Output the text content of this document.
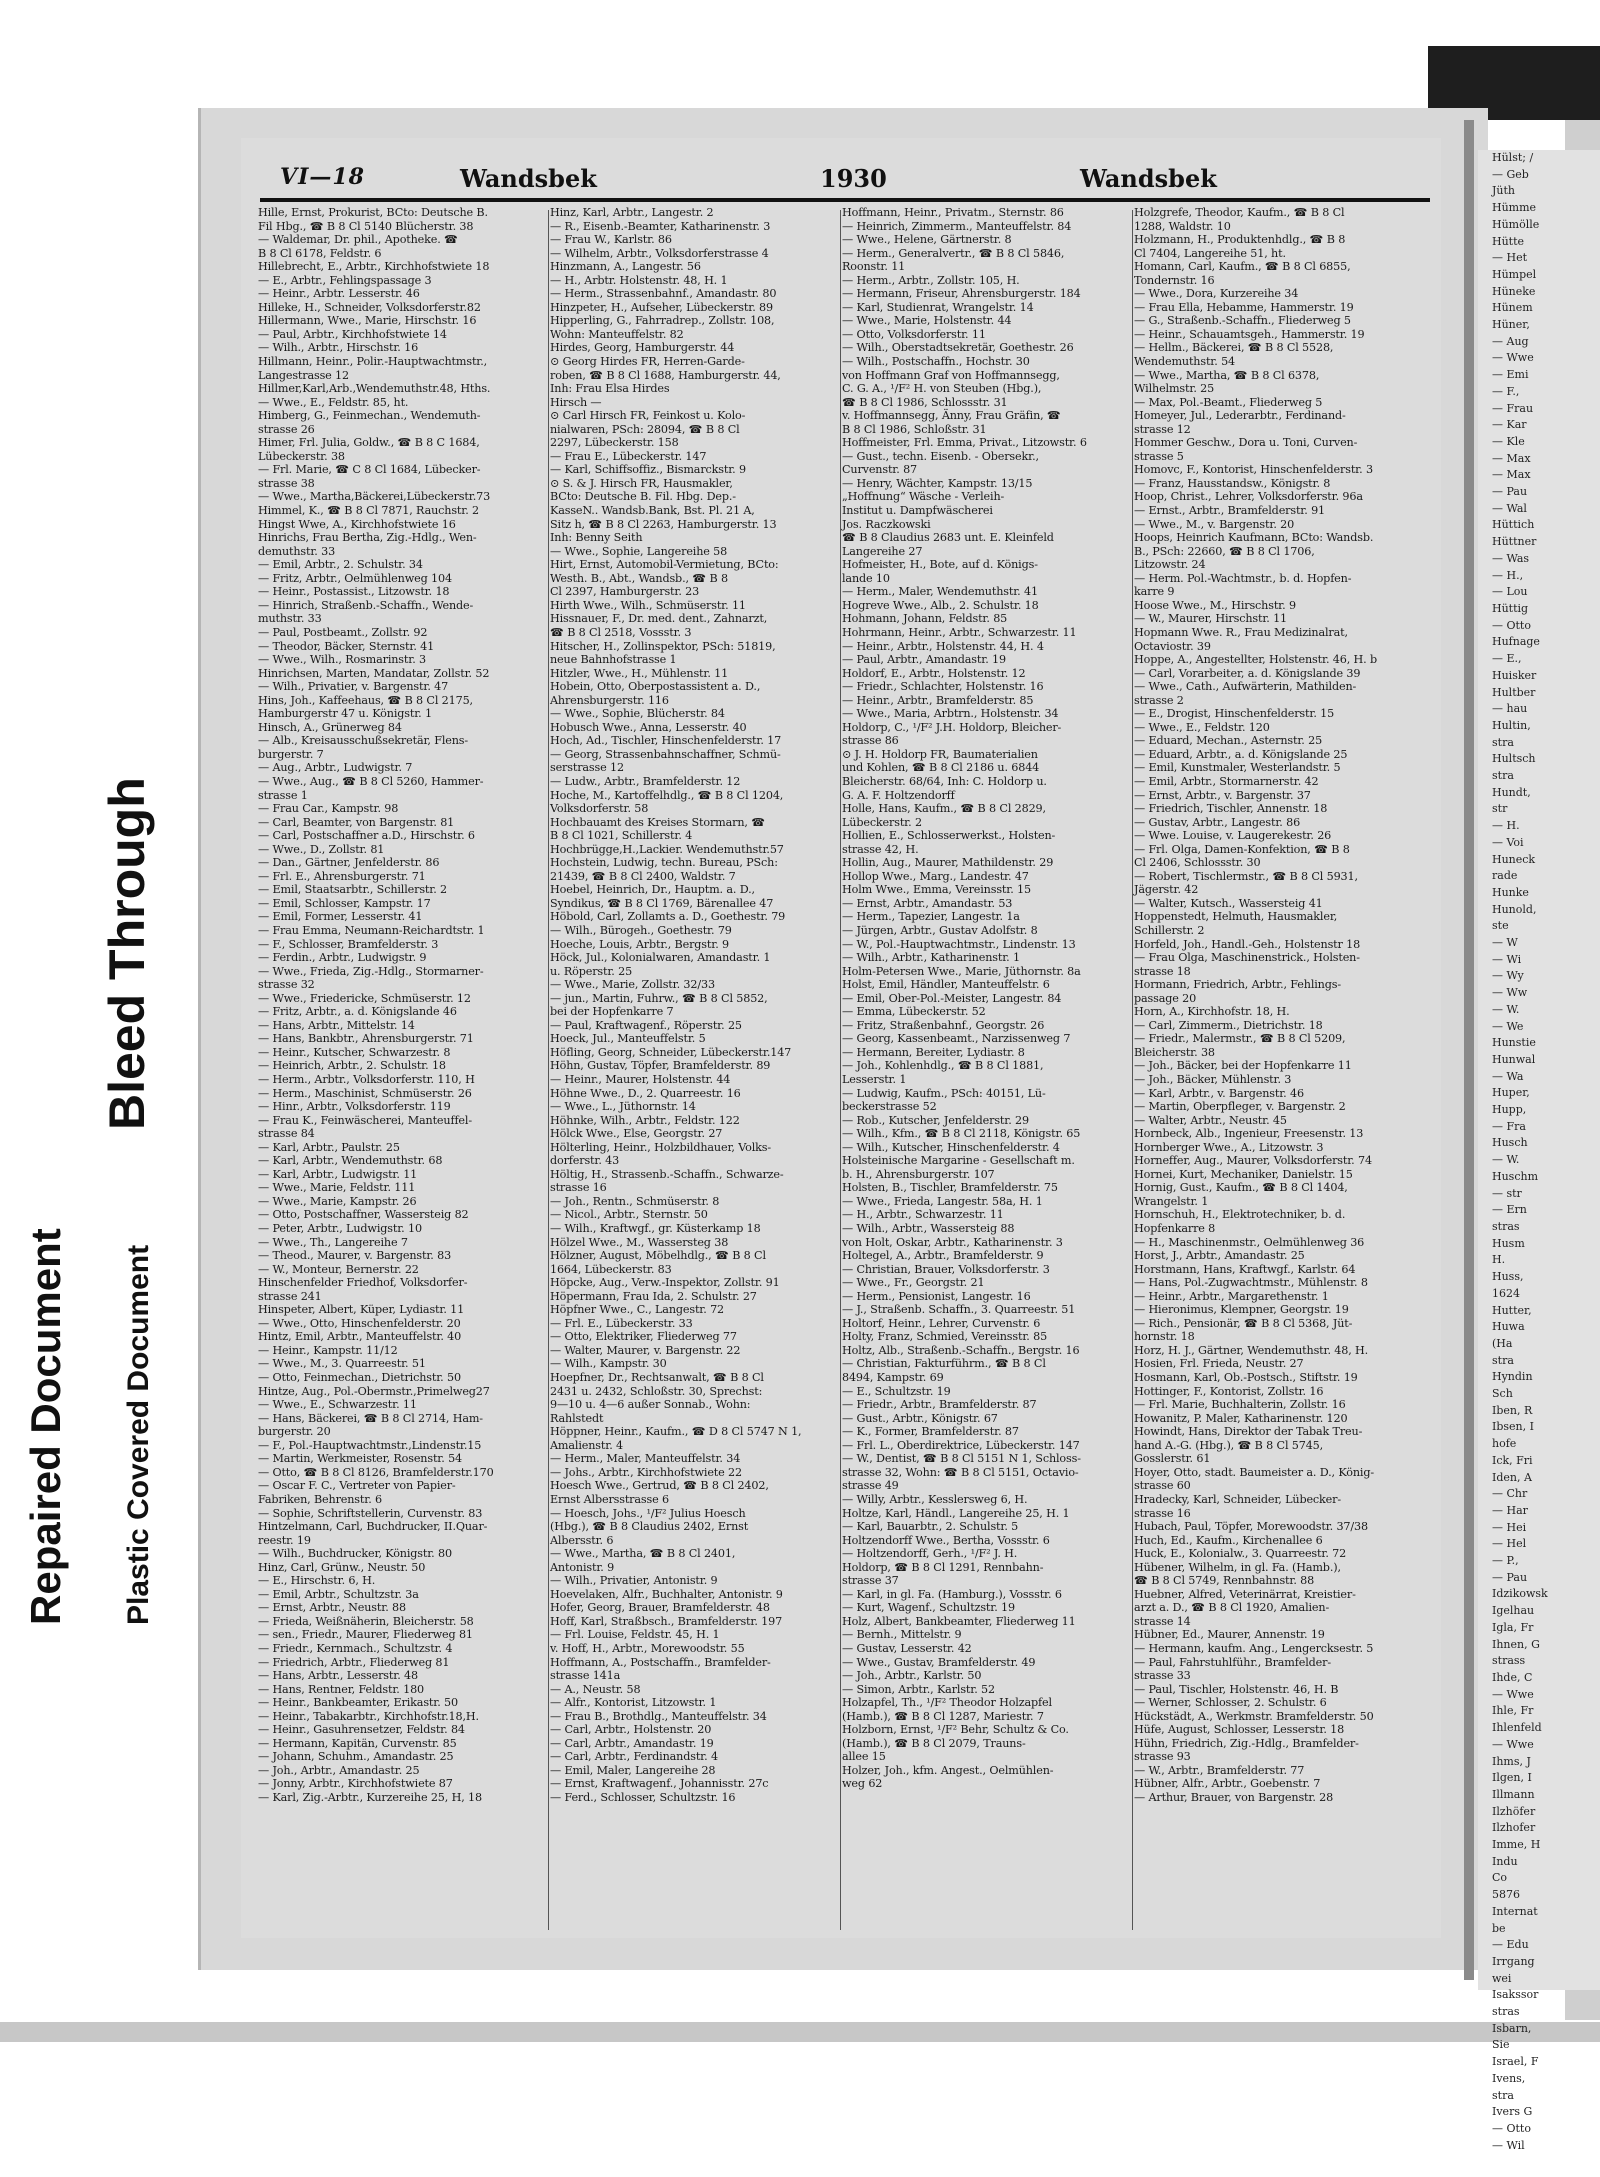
Hülst; /
— Geb
Jüth
Hümme
Hümölle
Hütte
— Het
Hümpel
Hüneke
Hünem
Hüner,
— Aug
— Wwe
— Emi
— F.,
— Frau
— Kar
— Kle
— Max
— Max
— Pau
— Wal
Hüttich
Hüttner
— Was
— H.,
— Lou
Hüttig
— Otto
Hufnage
— E.,
Huisker
Hultber
— hau
Hultin,
stra
Hultsch
stra
Hundt,
str
— H.
— Voi
Huneck
rade
Hunke
Hunold,
ste
— W
— Wi
— Wy
— Ww
— W.
— We
Hunstie
Hunwal
— Wa
Huper,
Hupp,
— Fra
Husch
— W.
Huschm
— str
— Ern
stras
Husm
H.
Huss,
1624
Hutter,
Huwa
(Ha
stra
Hyndin
Sch
Iben, R
Ibsen, I
hofe
Ick, Fri
Iden, A
— Chr
— Har
— Hei
— Hel
— P.,
— Pau
Idzikowsk
Igelhau
Igla, Fr
Ihnen, G
strass
Ihde, C
— Wwe
Ihle, Fr
Ihlenfeld
— Wwe
Ihms, J
Ilgen, I
Illmann
Ilzhöfer
Ilzhofer
Imme, H
Indu
Co
5876
Internat
be
— Edu
Irrgang
wei
Isakssor
stras
Isbarn,
Sie
Israel, F
Ivens,
stra
Ivers G
— Otto
— Wil
VI—18	Wandsbek	1930	Wandsbek
Hille, Ernst, Prokurist, BCto: Deutsche B.
Fil Hbg., ☎ B 8 Cl 5140 Blücherstr. 38
— Waldemar, Dr. phil., Apotheke. ☎
B 8 Cl 6178, Feldstr. 6
Hillebrecht, E., Arbtr., Kirchhofstwiete 18
— E., Arbtr., Fehlingspassage 3
— Heinr., Arbtr. Lesserstr. 46
Hilleke, H., Schneider, Volksdorferstr.82
Hillermann, Wwe., Marie, Hirschstr. 16
— Paul, Arbtr., Kirchhofstwiete 14
— Wilh., Arbtr., Hirschstr. 16
Hillmann, Heinr., Polir.-Hauptwachtmstr.,
Langestrasse 12
Hillmer,Karl,Arb.,Wendemuthstr.48, Hths.
— Wwe., E., Feldstr. 85, ht.
Himberg, G., Feinmechan., Wendemuth-
strasse 26
Himer, Frl. Julia, Goldw., ☎ B 8 C 1684,
Lübeckerstr. 38
— Frl. Marie, ☎ C 8 Cl 1684, Lübecker-
strasse 38
— Wwe., Martha,Bäckerei,Lübeckerstr.73
Himmel, K., ☎ B 8 Cl 7871, Rauchstr. 2
Hingst Wwe, A., Kirchhofstwiete 16
Hinrichs, Frau Bertha, Zig.-Hdlg., Wen-
demuthstr. 33
— Emil, Arbtr., 2. Schulstr. 34
— Fritz, Arbtr., Oelmühlenweg 104
— Heinr., Postassist., Litzowstr. 18
— Hinrich, Straßenb.-Schaffn., Wende-
muthstr. 33
— Paul, Postbeamt., Zollstr. 92
— Theodor, Bäcker, Sternstr. 41
— Wwe., Wilh., Rosmarinstr. 3
Hinrichsen, Marten, Mandatar, Zollstr. 52
— Wilh., Privatier, v. Bargenstr. 47
Hins, Joh., Kaffeehaus, ☎ B 8 Cl 2175,
Hamburgerstr 47 u. Königstr. 1
Hinsch, A., Grünerweg 84
— Alb., Kreisausschußsekretär, Flens-
burgerstr. 7
— Aug., Arbtr., Ludwigstr. 7
— Wwe., Aug., ☎ B 8 Cl 5260, Hammer-
strasse 1
— Frau Car., Kampstr. 98
— Carl, Beamter, von Bargenstr. 81
— Carl, Postschaffner a.D., Hirschstr. 6
— Wwe., D., Zollstr. 81
— Dan., Gärtner, Jenfelderstr. 86
— Frl. E., Ahrensburgerstr. 71
— Emil, Staatsarbtr., Schillerstr. 2
— Emil, Schlosser, Kampstr. 17
— Emil, Former, Lesserstr. 41
— Frau Emma, Neumann-Reichardtstr. 1
— F., Schlosser, Bramfelderstr. 3
— Ferdin., Arbtr., Ludwigstr. 9
— Wwe., Frieda, Zig.-Hdlg., Stormarner-
strasse 32
— Wwe., Friedericke, Schmüserstr. 12
— Fritz, Arbtr., a. d. Königslande 46
— Hans, Arbtr., Mittelstr. 14
— Hans, Bankbtr., Ahrensburgerstr. 71
— Heinr., Kutscher, Schwarzestr. 8
— Heinrich, Arbtr., 2. Schulstr. 18
— Herm., Arbtr., Volksdorferstr. 110, H
— Herm., Maschinist, Schmüserstr. 26
— Hinr., Arbtr., Volksdorferstr. 119
— Frau K., Feinwäscherei, Manteuffel-
strasse 84
— Karl, Arbtr., Paulstr. 25
— Karl, Arbtr., Wendemuthstr. 68
— Karl, Arbtr., Ludwigstr. 11
— Wwe., Marie, Feldstr. 111
— Wwe., Marie, Kampstr. 26
— Otto, Postschaffner, Wassersteig 82
— Peter, Arbtr., Ludwigstr. 10
— Wwe., Th., Langereihe 7
— Theod., Maurer, v. Bargenstr. 83
— W., Monteur, Bernerstr. 22
Hinschenfelder Friedhof, Volksdorfer-
strasse 241
Hinspeter, Albert, Küper, Lydiastr. 11
— Wwe., Otto, Hinschenfelderstr. 20
Hintz, Emil, Arbtr., Manteuffelstr. 40
— Heinr., Kampstr. 11/12
— Wwe., M., 3. Quarreestr. 51
— Otto, Feinmechan., Dietrichstr. 50
Hintze, Aug., Pol.-Obermstr.,Primelweg27
— Wwe., E., Schwarzestr. 11
— Hans, Bäckerei, ☎ B 8 Cl 2714, Ham-
burgerstr. 20
— F., Pol.-Hauptwachtmstr.,Lindenstr.15
— Martin, Werkmeister, Rosenstr. 54
— Otto, ☎ B 8 Cl 8126, Bramfelderstr.170
— Oscar F. C., Vertreter von Papier-
Fabriken, Behrenstr. 6
— Sophie, Schriftstellerin, Curvenstr. 83
Hintzelmann, Carl, Buchdrucker, II.Quar-
reestr. 19
— Wilh., Buchdrucker, Königstr. 80
Hinz, Carl, Grünw., Neustr. 50
— E., Hirschstr. 6, H.
— Emil, Arbtr., Schultzstr. 3a
— Ernst, Arbtr., Neustr. 88
— Frieda, Weißnäherin, Bleicherstr. 58
— sen., Friedr., Maurer, Fliederweg 81
— Friedr., Kernmach., Schultzstr. 4
— Friedrich, Arbtr., Fliederweg 81
— Hans, Arbtr., Lesserstr. 48
— Hans, Rentner, Feldstr. 180
— Heinr., Bankbeamter, Erikastr. 50
— Heinr., Tabakarbtr., Kirchhofstr.18,H.
— Heinr., Gasuhrensetzer, Feldstr. 84
— Hermann, Kapitän, Curvenstr. 85
— Johann, Schuhm., Amandastr. 25
— Joh., Arbtr., Amandastr. 25
— Jonny, Arbtr., Kirchhofstwiete 87
— Karl, Zig.-Arbtr., Kurzereihe 25, H, 18
Hinz, Karl, Arbtr., Langestr. 2
— R., Eisenb.-Beamter, Katharinenstr. 3
— Frau W., Karlstr. 86
— Wilhelm, Arbtr., Volksdorferstrasse 4
Hinzmann, A., Langestr. 56
— H., Arbtr. Holstenstr. 48, H. 1
— Herm., Strassenbahnf., Amandastr. 80
Hinzpeter, H., Aufseher, Lübeckerstr. 89
Hipperling, G., Fahrradrep., Zollstr. 108,
Wohn: Manteuffelstr. 82
Hirdes, Georg, Hamburgerstr. 44
⊙ Georg Hirdes FR, Herren-Garde-
roben, ☎ B 8 Cl 1688, Hamburgerstr. 44,
Inh: Frau Elsa Hirdes
Hirsch —
⊙ Carl Hirsch FR, Feinkost u. Kolo-
nialwaren, PSch: 28094, ☎ B 8 Cl
2297, Lübeckerstr. 158
— Frau E., Lübeckerstr. 147
— Karl, Schiffsoffiz., Bismarckstr. 9
⊙ S. & J. Hirsch FR, Hausmakler,
BCto: Deutsche B. Fil. Hbg. Dep.-
KasseN.. Wandsb.Bank, Bst. Pl. 21 A,
Sitz h, ☎ B 8 Cl 2263, Hamburgerstr. 13
Inh: Benny Seith
— Wwe., Sophie, Langereihe 58
Hirt, Ernst, Automobil-Vermietung, BCto:
Westh. B., Abt., Wandsb., ☎ B 8
Cl 2397, Hamburgerstr. 23
Hirth Wwe., Wilh., Schmüserstr. 11
Hissnauer, F., Dr. med. dent., Zahnarzt,
☎ B 8 Cl 2518, Vossstr. 3
Hitscher, H., Zollinspektor, PSch: 51819,
neue Bahnhofstrasse 1
Hitzler, Wwe., H., Mühlenstr. 11
Hobein, Otto, Oberpostassistent a. D.,
Ahrensburgerstr. 116
— Wwe., Sophie, Blücherstr. 84
Hobusch Wwe., Anna, Lesserstr. 40
Hoch, Ad., Tischler, Hinschenfelderstr. 17
— Georg, Strassenbahnschaffner, Schmü-
serstrasse 12
— Ludw., Arbtr., Bramfelderstr. 12
Hoche, M., Kartoffelhdlg., ☎ B 8 Cl 1204,
Volksdorferstr. 58
Hochbauamt des Kreises Stormarn, ☎
B 8 Cl 1021, Schillerstr. 4
Hochbrügge,H.,Lackier. Wendemuthstr.57
Hochstein, Ludwig, techn. Bureau, PSch:
21439, ☎ B 8 Cl 2400, Waldstr. 7
Hoebel, Heinrich, Dr., Hauptm. a. D.,
Syndikus, ☎ B 8 Cl 1769, Bärenallee 47
Höbold, Carl, Zollamts a. D., Goethestr. 79
— Wilh., Bürogeh., Goethestr. 79
Hoeche, Louis, Arbtr., Bergstr. 9
Höck, Jul., Kolonialwaren, Amandastr. 1
u. Röperstr. 25
— Wwe., Marie, Zollstr. 32/33
— jun., Martin, Fuhrw., ☎ B 8 Cl 5852,
bei der Hopfenkarre 7
— Paul, Kraftwagenf., Röperstr. 25
Hoeck, Jul., Manteuffelstr. 5
Höfling, Georg, Schneider, Lübeckerstr.147
Höhn, Gustav, Töpfer, Bramfelderstr. 89
— Heinr., Maurer, Holstenstr. 44
Höhne Wwe., D., 2. Quarreestr. 16
— Wwe., L., Jüthornstr. 14
Höhnke, Wilh., Arbtr., Feldstr. 122
Hölck Wwe., Else, Georgstr. 27
Hölterling, Heinr., Holzbildhauer, Volks-
dorferstr. 43
Höltig, H., Strassenb.-Schaffn., Schwarze-
strasse 16
— Joh., Rentn., Schmüserstr. 8
— Nicol., Arbtr., Sternstr. 50
— Wilh., Kraftwgf., gr. Küsterkamp 18
Hölzel Wwe., M., Wassersteg 38
Hölzner, August, Möbelhdlg., ☎ B 8 Cl
1664, Lübeckerstr. 83
Höpcke, Aug., Verw.-Inspektor, Zollstr. 91
Höpermann, Frau Ida, 2. Schulstr. 27
Höpfner Wwe., C., Langestr. 72
— Frl. E., Lübeckerstr. 33
— Otto, Elektriker, Fliederweg 77
— Walter, Maurer, v. Bargenstr. 22
— Wilh., Kampstr. 30
Hoepfner, Dr., Rechtsanwalt, ☎ B 8 Cl
2431 u. 2432, Schloßstr. 30, Sprechst:
9—10 u. 4—6 außer Sonnab., Wohn:
Rahlstedt
Höppner, Heinr., Kaufm., ☎ D 8 Cl 5747 N 1,
Amalienstr. 4
— Herm., Maler, Manteuffelstr. 34
— Johs., Arbtr., Kirchhofstwiete 22
Hoesch Wwe., Gertrud, ☎ B 8 Cl 2402,
Ernst Albersstrasse 6
— Hoesch, Johs., ¹/F² Julius Hoesch
(Hbg.), ☎ B 8 Claudius 2402, Ernst
Albersstr. 6
— Wwe., Martha, ☎ B 8 Cl 2401,
Antonistr. 9
— Wilh., Privatier, Antonistr. 9
Hoevelaken, Alfr., Buchhalter, Antonistr. 9
Hofer, Georg, Brauer, Bramfelderstr. 48
Hoff, Karl, Straßbsch., Bramfelderstr. 197
— Frl. Louise, Feldstr. 45, H. 1
v. Hoff, H., Arbtr., Morewoodstr. 55
Hoffmann, A., Postschaffn., Bramfelder-
strasse 141a
— A., Neustr. 58
— Alfr., Kontorist, Litzowstr. 1
— Frau B., Brothdlg., Manteuffelstr. 34
— Carl, Arbtr., Holstenstr. 20
— Carl, Arbtr., Amandastr. 19
— Carl, Arbtr., Ferdinandstr. 4
— Emil, Maler, Langereihe 28
— Ernst, Kraftwagenf., Johannisstr. 27c
— Ferd., Schlosser, Schultzstr. 16
Hoffmann, Heinr., Privatm., Sternstr. 86
— Heinrich, Zimmerm., Manteuffelstr. 84
— Wwe., Helene, Gärtnerstr. 8
— Herm., Generalvertr., ☎ B 8 Cl 5846,
Roonstr. 11
— Herm., Arbtr., Zollstr. 105, H.
— Hermann, Friseur, Ahrensburgerstr. 184
— Karl, Studienrat, Wrangelstr. 14
— Wwe., Marie, Holstenstr. 44
— Otto, Volksdorferstr. 11
— Wilh., Oberstadtsekretär, Goethestr. 26
— Wilh., Postschaffn., Hochstr. 30
von Hoffmann Graf von Hoffmannsegg,
C. G. A., ¹/F² H. von Steuben (Hbg.),
☎ B 8 Cl 1986, Schlossstr. 31
v. Hoffmannsegg, Änny, Frau Gräfin, ☎
B 8 Cl 1986, Schloßstr. 31
Hoffmeister, Frl. Emma, Privat., Litzowstr. 6
— Gust., techn. Eisenb. - Obersekr.,
Curvenstr. 87
— Henry, Wächter, Kampstr. 13/15
„Hoffnung“ Wäsche - Verleih-
Institut u. Dampfwäscherei
Jos. Raczkowski
☎ B 8 Claudius 2683 unt. E. Kleinfeld
Langereihe 27
Hofmeister, H., Bote, auf d. Königs-
lande 10
— Herm., Maler, Wendemuthstr. 41
Hogreve Wwe., Alb., 2. Schulstr. 18
Hohmann, Johann, Feldstr. 85
Hohrmann, Heinr., Arbtr., Schwarzestr. 11
— Heinr., Arbtr., Holstenstr. 44, H. 4
— Paul, Arbtr., Amandastr. 19
Holdorf, E., Arbtr., Holstenstr. 12
— Friedr., Schlachter, Holstenstr. 16
— Heinr., Arbtr., Bramfelderstr. 85
— Wwe., Maria, Arbtrn., Holstenstr. 34
Holdorp, C., ¹/F² J.H. Holdorp, Bleicher-
strasse 86
⊙ J. H. Holdorp FR, Baumaterialien
und Kohlen, ☎ B 8 Cl 2186 u. 6844
Bleicherstr. 68/64, Inh: C. Holdorp u.
G. A. F. Holtzendorff
Holle, Hans, Kaufm., ☎ B 8 Cl 2829,
Lübeckerstr. 2
Hollien, E., Schlosserwerkst., Holsten-
strasse 42, H.
Hollin, Aug., Maurer, Mathildenstr. 29
Hollop Wwe., Marg., Landestr. 47
Holm Wwe., Emma, Vereinsstr. 15
— Ernst, Arbtr., Amandastr. 53
— Herm., Tapezier, Langestr. 1a
— Jürgen, Arbtr., Gustav Adolfstr. 8
— W., Pol.-Hauptwachtmstr., Lindenstr. 13
— Wilh., Arbtr., Katharinenstr. 1
Holm-Petersen Wwe., Marie, Jüthornstr. 8a
Holst, Emil, Händler, Manteuffelstr. 6
— Emil, Ober-Pol.-Meister, Langestr. 84
— Emma, Lübeckerstr. 52
— Fritz, Straßenbahnf., Georgstr. 26
— Georg, Kassenbeamt., Narzissenweg 7
— Hermann, Bereiter, Lydiastr. 8
— Joh., Kohlenhdlg., ☎ B 8 Cl 1881,
Lesserstr. 1
— Ludwig, Kaufm., PSch: 40151, Lü-
beckerstrasse 52
— Rob., Kutscher, Jenfelderstr. 29
— Wilh., Kfm., ☎ B 8 Cl 2118, Königstr. 65
— Wilh., Kutscher, Hinschenfelderstr. 4
Holsteinische Margarine - Gesellschaft m.
b. H., Ahrensburgerstr. 107
Holsten, B., Tischler, Bramfelderstr. 75
— Wwe., Frieda, Langestr. 58a, H. 1
— H., Arbtr., Schwarzestr. 11
— Wilh., Arbtr., Wassersteig 88
von Holt, Oskar, Arbtr., Katharinenstr. 3
Holtegel, A., Arbtr., Bramfelderstr. 9
— Christian, Brauer, Volksdorferstr. 3
— Wwe., Fr., Georgstr. 21
— Herm., Pensionist, Langestr. 16
— J., Straßenb. Schaffn., 3. Quarreestr. 51
Holtorf, Heinr., Lehrer, Curvenstr. 6
Holty, Franz, Schmied, Vereinsstr. 85
Holtz, Alb., Straßenb.-Schaffn., Bergstr. 16
— Christian, Fakturführm., ☎ B 8 Cl
8494, Kampstr. 69
— E., Schultzstr. 19
— Friedr., Arbtr., Bramfelderstr. 87
— Gust., Arbtr., Königstr. 67
— K., Former, Bramfelderstr. 87
— Frl. L., Oberdirektrice, Lübeckerstr. 147
— W., Dentist, ☎ B 8 Cl 5151 N 1, Schloss-
strasse 32, Wohn: ☎ B 8 Cl 5151, Octavio-
strasse 49
— Willy, Arbtr., Kesslersweg 6, H.
Holtze, Karl, Händl., Langereihe 25, H. 1
— Karl, Bauarbtr., 2. Schulstr. 5
Holtzendorff Wwe., Bertha, Vossstr. 6
— Holtzendorff, Gerh., ¹/F² J. H.
Holdorp, ☎ B 8 Cl 1291, Rennbahn-
strasse 37
— Karl, in gl. Fa. (Hamburg.), Vossstr. 6
— Kurt, Wagenf., Schultzstr. 19
Holz, Albert, Bankbeamter, Fliederweg 11
— Bernh., Mittelstr. 9
— Gustav, Lesserstr. 42
— Wwe., Gustav, Bramfelderstr. 49
— Joh., Arbtr., Karlstr. 50
— Simon, Arbtr., Karlstr. 52
Holzapfel, Th., ¹/F² Theodor Holzapfel
(Hamb.), ☎ B 8 Cl 1287, Mariestr. 7
Holzborn, Ernst, ¹/F² Behr, Schultz & Co.
(Hamb.), ☎ B 8 Cl 2079, Trauns-
allee 15
Holzer, Joh., kfm. Angest., Oelmühlen-
weg 62
Holzgrefe, Theodor, Kaufm., ☎ B 8 Cl
1288, Waldstr. 10
Holzmann, H., Produktenhdlg., ☎ B 8
Cl 7404, Langereihe 51, ht.
Homann, Carl, Kaufm., ☎ B 8 Cl 6855,
Tondernstr. 16
— Wwe., Dora, Kurzereihe 34
— Frau Ella, Hebamme, Hammerstr. 19
— G., Straßenb.-Schaffn., Fliederweg 5
— Heinr., Schauamtsgeh., Hammerstr. 19
— Hellm., Bäckerei, ☎ B 8 Cl 5528,
Wendemuthstr. 54
— Wwe., Martha, ☎ B 8 Cl 6378,
Wilhelmstr. 25
— Max, Pol.-Beamt., Fliederweg 5
Homeyer, Jul., Lederarbtr., Ferdinand-
strasse 12
Hommer Geschw., Dora u. Toni, Curven-
strasse 5
Homovc, F., Kontorist, Hinschenfelderstr. 3
— Franz, Hausstandsw., Königstr. 8
Hoop, Christ., Lehrer, Volksdorferstr. 96a
— Ernst., Arbtr., Bramfelderstr. 91
— Wwe., M., v. Bargenstr. 20
Hoops, Heinrich Kaufmann, BCto: Wandsb.
B., PSch: 22660, ☎ B 8 Cl 1706,
Litzowstr. 24
— Herm. Pol.-Wachtmstr., b. d. Hopfen-
karre 9
Hoose Wwe., M., Hirschstr. 9
— W., Maurer, Hirschstr. 11
Hopmann Wwe. R., Frau Medizinalrat,
Octaviostr. 39
Hoppe, A., Angestellter, Holstenstr. 46, H. b
— Carl, Vorarbeiter, a. d. Königslande 39
— Wwe., Cath., Aufwärterin, Mathilden-
strasse 2
— E., Drogist, Hinschenfelderstr. 15
— Wwe., E., Feldstr. 120
— Eduard, Mechan., Asternstr. 25
— Eduard, Arbtr., a. d. Königslande 25
— Emil, Kunstmaler, Westerlandstr. 5
— Emil, Arbtr., Stormarnerstr. 42
— Ernst, Arbtr., v. Bargenstr. 37
— Friedrich, Tischler, Annenstr. 18
— Gustav, Arbtr., Langestr. 86
— Wwe. Louise, v. Laugerekestr. 26
— Frl. Olga, Damen-Konfektion, ☎ B 8
Cl 2406, Schlossstr. 30
— Robert, Tischlermstr., ☎ B 8 Cl 5931,
Jägerstr. 42
— Walter, Kutsch., Wassersteig 41
Hoppenstedt, Helmuth, Hausmakler,
Schillerstr. 2
Horfeld, Joh., Handl.-Geh., Holstenstr 18
— Frau Olga, Maschinenstrick., Holsten-
strasse 18
Hormann, Friedrich, Arbtr., Fehlings-
passage 20
Horn, A., Kirchhofstr. 18, H.
— Carl, Zimmerm., Dietrichstr. 18
— Friedr., Malermstr., ☎ B 8 Cl 5209,
Bleicherstr. 38
— Joh., Bäcker, bei der Hopfenkarre 11
— Joh., Bäcker, Mühlenstr. 3
— Karl, Arbtr., v. Bargenstr. 46
— Martin, Oberpfleger, v. Bargenstr. 2
— Walter, Arbtr., Neustr. 45
Hornbeck, Alb., Ingenieur, Freesenstr. 13
Hornberger Wwe., A., Litzowstr. 3
Horneffer, Aug., Maurer, Volksdorferstr. 74
Hornei, Kurt, Mechaniker, Danielstr. 15
Hornig, Gust., Kaufm., ☎ B 8 Cl 1404,
Wrangelstr. 1
Hornschuh, H., Elektrotechniker, b. d.
Hopfenkarre 8
— H., Maschinenmstr., Oelmühlenweg 36
Horst, J., Arbtr., Amandastr. 25
Horstmann, Hans, Kraftwgf., Karlstr. 64
— Hans, Pol.-Zugwachtmstr., Mühlenstr. 8
— Heinr., Arbtr., Margarethenstr. 1
— Hieronimus, Klempner, Georgstr. 19
— Rich., Pensionär, ☎ B 8 Cl 5368, Jüt-
hornstr. 18
Horz, H. J., Gärtner, Wendemuthstr. 48, H.
Hosien, Frl. Frieda, Neustr. 27
Hosmann, Karl, Ob.-Postsch., Stiftstr. 19
Hottinger, F., Kontorist, Zollstr. 16
— Frl. Marie, Buchhalterin, Zollstr. 16
Howanitz, P. Maler, Katharinenstr. 120
Howindt, Hans, Direktor der Tabak Treu-
hand A.-G. (Hbg.), ☎ B 8 Cl 5745,
Gosslerstr. 61
Hoyer, Otto, stadt. Baumeister a. D., König-
strasse 60
Hradecky, Karl, Schneider, Lübecker-
strasse 16
Hubach, Paul, Töpfer, Morewoodstr. 37/38
Huch, Ed., Kaufm., Kirchenallee 6
Huck, E., Kolonialw., 3. Quarreestr. 72
Hübener, Wilhelm, in gl. Fa. (Hamb.),
☎ B 8 Cl 5749, Rennbahnstr. 88
Huebner, Alfred, Veterinärrat, Kreistier-
arzt a. D., ☎ B 8 Cl 1920, Amalien-
strasse 14
Hübner, Ed., Maurer, Annenstr. 19
— Hermann, kaufm. Ang., Lengercksestr. 5
— Paul, Fahrstuhlführ., Bramfelder-
strasse 33
— Paul, Tischler, Holstenstr. 46, H. B
— Werner, Schlosser, 2. Schulstr. 6
Hückstädt, A., Werkmstr. Bramfelderstr. 50
Hüfe, August, Schlosser, Lesserstr. 18
Hühn, Friedrich, Zig.-Hdlg., Bramfelder-
strasse 93
— W., Arbtr., Bramfelderstr. 77
Hübner, Alfr., Arbtr., Goebenstr. 7
— Arthur, Brauer, von Bargenstr. 28
Repaired Document
Bleed Through
Plastic Covered Document
